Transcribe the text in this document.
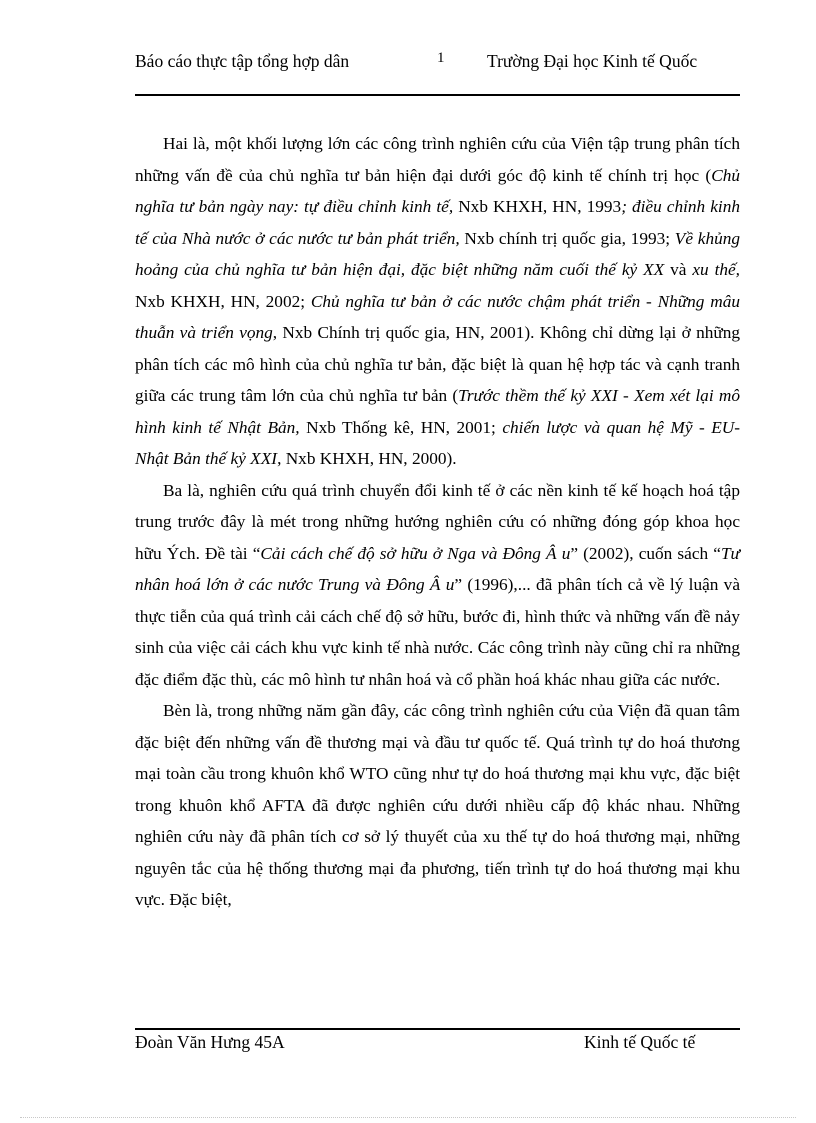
Báo cáo thực tập tổng hợp dân	1 Trường Đại học Kinh tế Quốc

Hai là, một khối lượng lớn các công trình nghiên cứu của Viện tập trung phân tích những vấn đề của chủ nghĩa tư bản hiện đại dưới góc độ kinh tế chính trị học (Chủ nghĩa tư bản ngày nay: tự điều chỉnh kinh tế, Nxb KHXH, HN, 1993; điều chỉnh kinh tế của Nhà nước ở các nước tư bản phát triển, Nxb chính trị quốc gia, 1993; Về khủng hoảng của chủ nghĩa tư bản hiện đại, đặc biệt những năm cuối thế kỷ XX và xu thế, Nxb KHXH, HN, 2002; Chủ nghĩa tư bản ở các nước chậm phát triển - Những mâu thuẫn và triển vọng, Nxb Chính trị quốc gia, HN, 2001). Không chỉ dừng lại ở những phân tích các mô hình của chủ nghĩa tư bản, đặc biệt là quan hệ hợp tác và cạnh tranh giữa các trung tâm lớn của chủ nghĩa tư bản (Trước thềm thế kỷ XXI - Xem xét lại mô hình kinh tế Nhật Bản, Nxb Thống kê, HN, 2001; chiến lược và quan hệ Mỹ - EU- Nhật Bản thế kỷ XXI, Nxb KHXH, HN, 2000).

Ba là, nghiên cứu quá trình chuyển đổi kinh tế ở các nền kinh tế kế hoạch hoá tập trung trước đây là mét trong những hướng nghiên cứu có những đóng góp khoa học hữu Ých. Đề tài “Cải cách chế độ sở hữu ở Nga và Đông Â u” (2002), cuốn sách “Tư nhân hoá lớn ở các nước Trung và Đông Â u” (1996),... đã phân tích cả về lý luận và thực tiễn của quá trình cải cách chế độ sở hữu, bước đi, hình thức và những vấn đề nảy sinh của việc cải cách khu vực kinh tế nhà nước. Các công trình này cũng chỉ ra những đặc điểm đặc thù, các mô hình tư nhân hoá và cổ phần hoá khác nhau giữa các nước.

Bèn là, trong những năm gần đây, các công trình nghiên cứu của Viện đã quan tâm đặc biệt đến những vấn đề thương mại và đầu tư quốc tế. Quá trình tự do hoá thương mại toàn cầu trong khuôn khổ WTO cũng như tự do hoá thương mại khu vực, đặc biệt trong khuôn khổ AFTA đã được nghiên cứu dưới nhiều cấp độ khác nhau. Những nghiên cứu này đã phân tích cơ sở lý thuyết của xu thế tự do hoá thương mại, những nguyên tắc của hệ thống thương mại đa phương, tiến trình tự do hoá thương mại khu vực. Đặc biệt,

Đoàn Văn Hưng 45A	Kinh tế Quốc tế
